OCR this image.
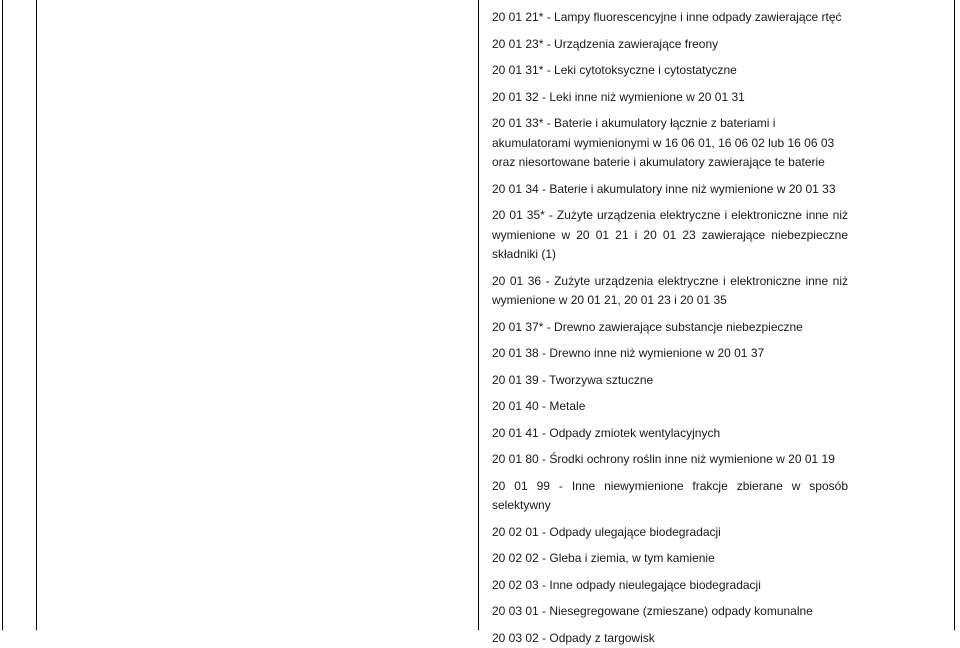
20 01 21* - Lampy fluorescencyjne i inne odpady zawierające rtęć

20 01 23* - Urządzenia zawierające freony

20 01 31* - Leki cytotoksyczne i cytostatyczne

20 01 32 - Leki inne niż wymienione w 20 01 31

20 01 33* - Baterie i akumulatory łącznie z bateriami i akumulatorami wymienionymi w 16 06 01, 16 06 02 lub 16 06 03 oraz niesortowane baterie i akumulatory zawierające te baterie

20 01 34 - Baterie i akumulatory inne niż wymienione w 20 01 33

20 01 35* - Zużyte urządzenia elektryczne i elektroniczne inne niż wymienione w 20 01 21 i 20 01 23 zawierające niebezpieczne składniki (1)

20 01 36 - Zużyte urządzenia elektryczne i elektroniczne inne niż wymienione w 20 01 21, 20 01 23 i 20 01 35

20 01 37* - Drewno zawierające substancje niebezpieczne

20 01 38 - Drewno inne niż wymienione w 20 01 37

20 01 39 - Tworzywa sztuczne

20 01 40 - Metale

20 01 41 - Odpady zmiotek wentylacyjnych

20 01 80 - Środki ochrony roślin inne niż wymienione w 20 01 19

20 01 99 - Inne niewymienione frakcje zbierane w sposób selektywny

20 02 01 - Odpady ulegające biodegradacji

20 02 02 - Gleba i ziemia, w tym kamienie

20 02 03 - Inne odpady nieulegające biodegradacji

20 03 01 - Niesegregowane (zmieszane) odpady komunalne

20 03 02 - Odpady z targowisk
